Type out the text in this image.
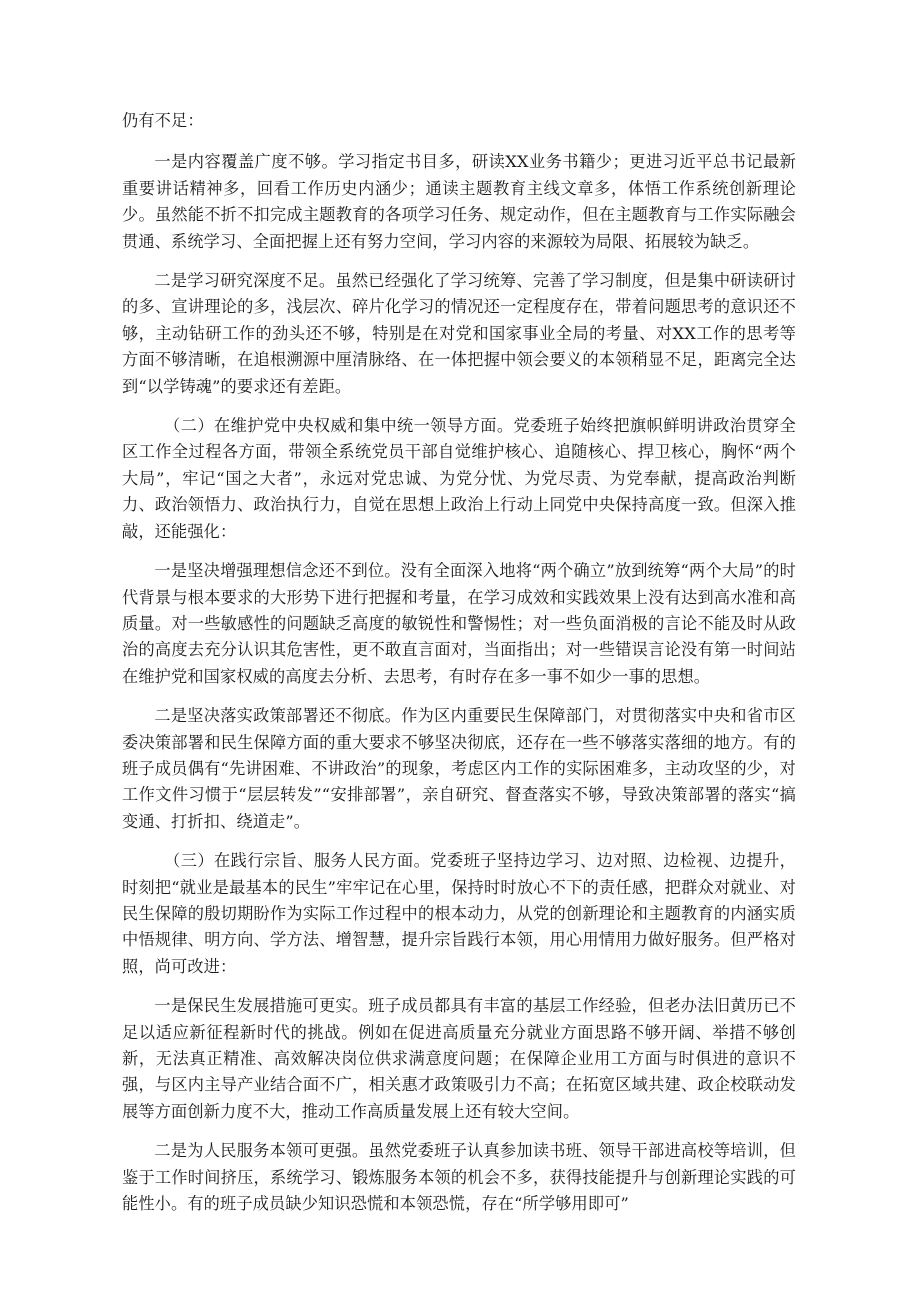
仍有不足：

一是内容覆盖广度不够。学习指定书目多，研读XX业务书籍少；更进习近平总书记最新重要讲话精神多，回看工作历史内涵少；通读主题教育主线文章多，体悟工作系统创新理论少。虽然能不折不扣完成主题教育的各项学习任务、规定动作，但在主题教育与工作实际融会贯通、系统学习、全面把握上还有努力空间，学习内容的来源较为局限、拓展较为缺乏。

二是学习研究深度不足。虽然已经强化了学习统筹、完善了学习制度，但是集中研读研讨的多、宣讲理论的多，浅层次、碎片化学习的情况还一定程度存在，带着问题思考的意识还不够，主动钻研工作的劲头还不够，特别是在对党和国家事业全局的考量、对XX工作的思考等方面不够清晰，在追根溯源中厘清脉络、在一体把握中领会要义的本领稍显不足，距离完全达到“以学铸魂”的要求还有差距。

（二）在维护党中央权威和集中统一领导方面。党委班子始终把旗帜鲜明讲政治贯穿全区工作全过程各方面，带领全系统党员干部自觉维护核心、追随核心、捍卫核心，胸怀“两个大局”，牢记“国之大者”，永远对党忠诚、为党分忧、为党尽责、为党奉献，提高政治判断力、政治领悟力、政治执行力，自觉在思想上政治上行动上同党中央保持高度一致。但深入推敲，还能强化：

一是坚决增强理想信念还不到位。没有全面深入地将“两个确立”放到统筹“两个大局”的时代背景与根本要求的大形势下进行把握和考量，在学习成效和实践效果上没有达到高水准和高质量。对一些敏感性的问题缺乏高度的敏锐性和警惕性；对一些负面消极的言论不能及时从政治的高度去充分认识其危害性，更不敢直言面对，当面指出；对一些错误言论没有第一时间站在维护党和国家权威的高度去分析、去思考，有时存在多一事不如少一事的思想。

二是坚决落实政策部署还不彻底。作为区内重要民生保障部门，对贯彻落实中央和省市区委决策部署和民生保障方面的重大要求不够坚决彻底，还存在一些不够落实落细的地方。有的班子成员偶有“先讲困难、不讲政治”的现象，考虑区内工作的实际困难多，主动攻坚的少，对工作文件习惯于“层层转发”“安排部署”，亲自研究、督查落实不够，导致决策部署的落实“搞变通、打折扣、绕道走”。

（三）在践行宗旨、服务人民方面。党委班子坚持边学习、边对照、边检视、边提升，时刻把“就业是最基本的民生”牢牢记在心里，保持时时放心不下的责任感，把群众对就业、对民生保障的殷切期盼作为实际工作过程中的根本动力，从党的创新理论和主题教育的内涵实质中悟规律、明方向、学方法、增智慧，提升宗旨践行本领，用心用情用力做好服务。但严格对照，尚可改进：

一是保民生发展措施可更实。班子成员都具有丰富的基层工作经验，但老办法旧黄历已不足以适应新征程新时代的挑战。例如在促进高质量充分就业方面思路不够开阔、举措不够创新，无法真正精准、高效解决岗位供求满意度问题；在保障企业用工方面与时俱进的意识不强，与区内主导产业结合面不广，相关惠才政策吸引力不高；在拓宽区域共建、政企校联动发展等方面创新力度不大，推动工作高质量发展上还有较大空间。

二是为人民服务本领可更强。虽然党委班子认真参加读书班、领导干部进高校等培训，但鉴于工作时间挤压，系统学习、锻炼服务本领的机会不多，获得技能提升与创新理论实践的可能性小。有的班子成员缺少知识恐慌和本领恐慌，存在“所学够用即可”
